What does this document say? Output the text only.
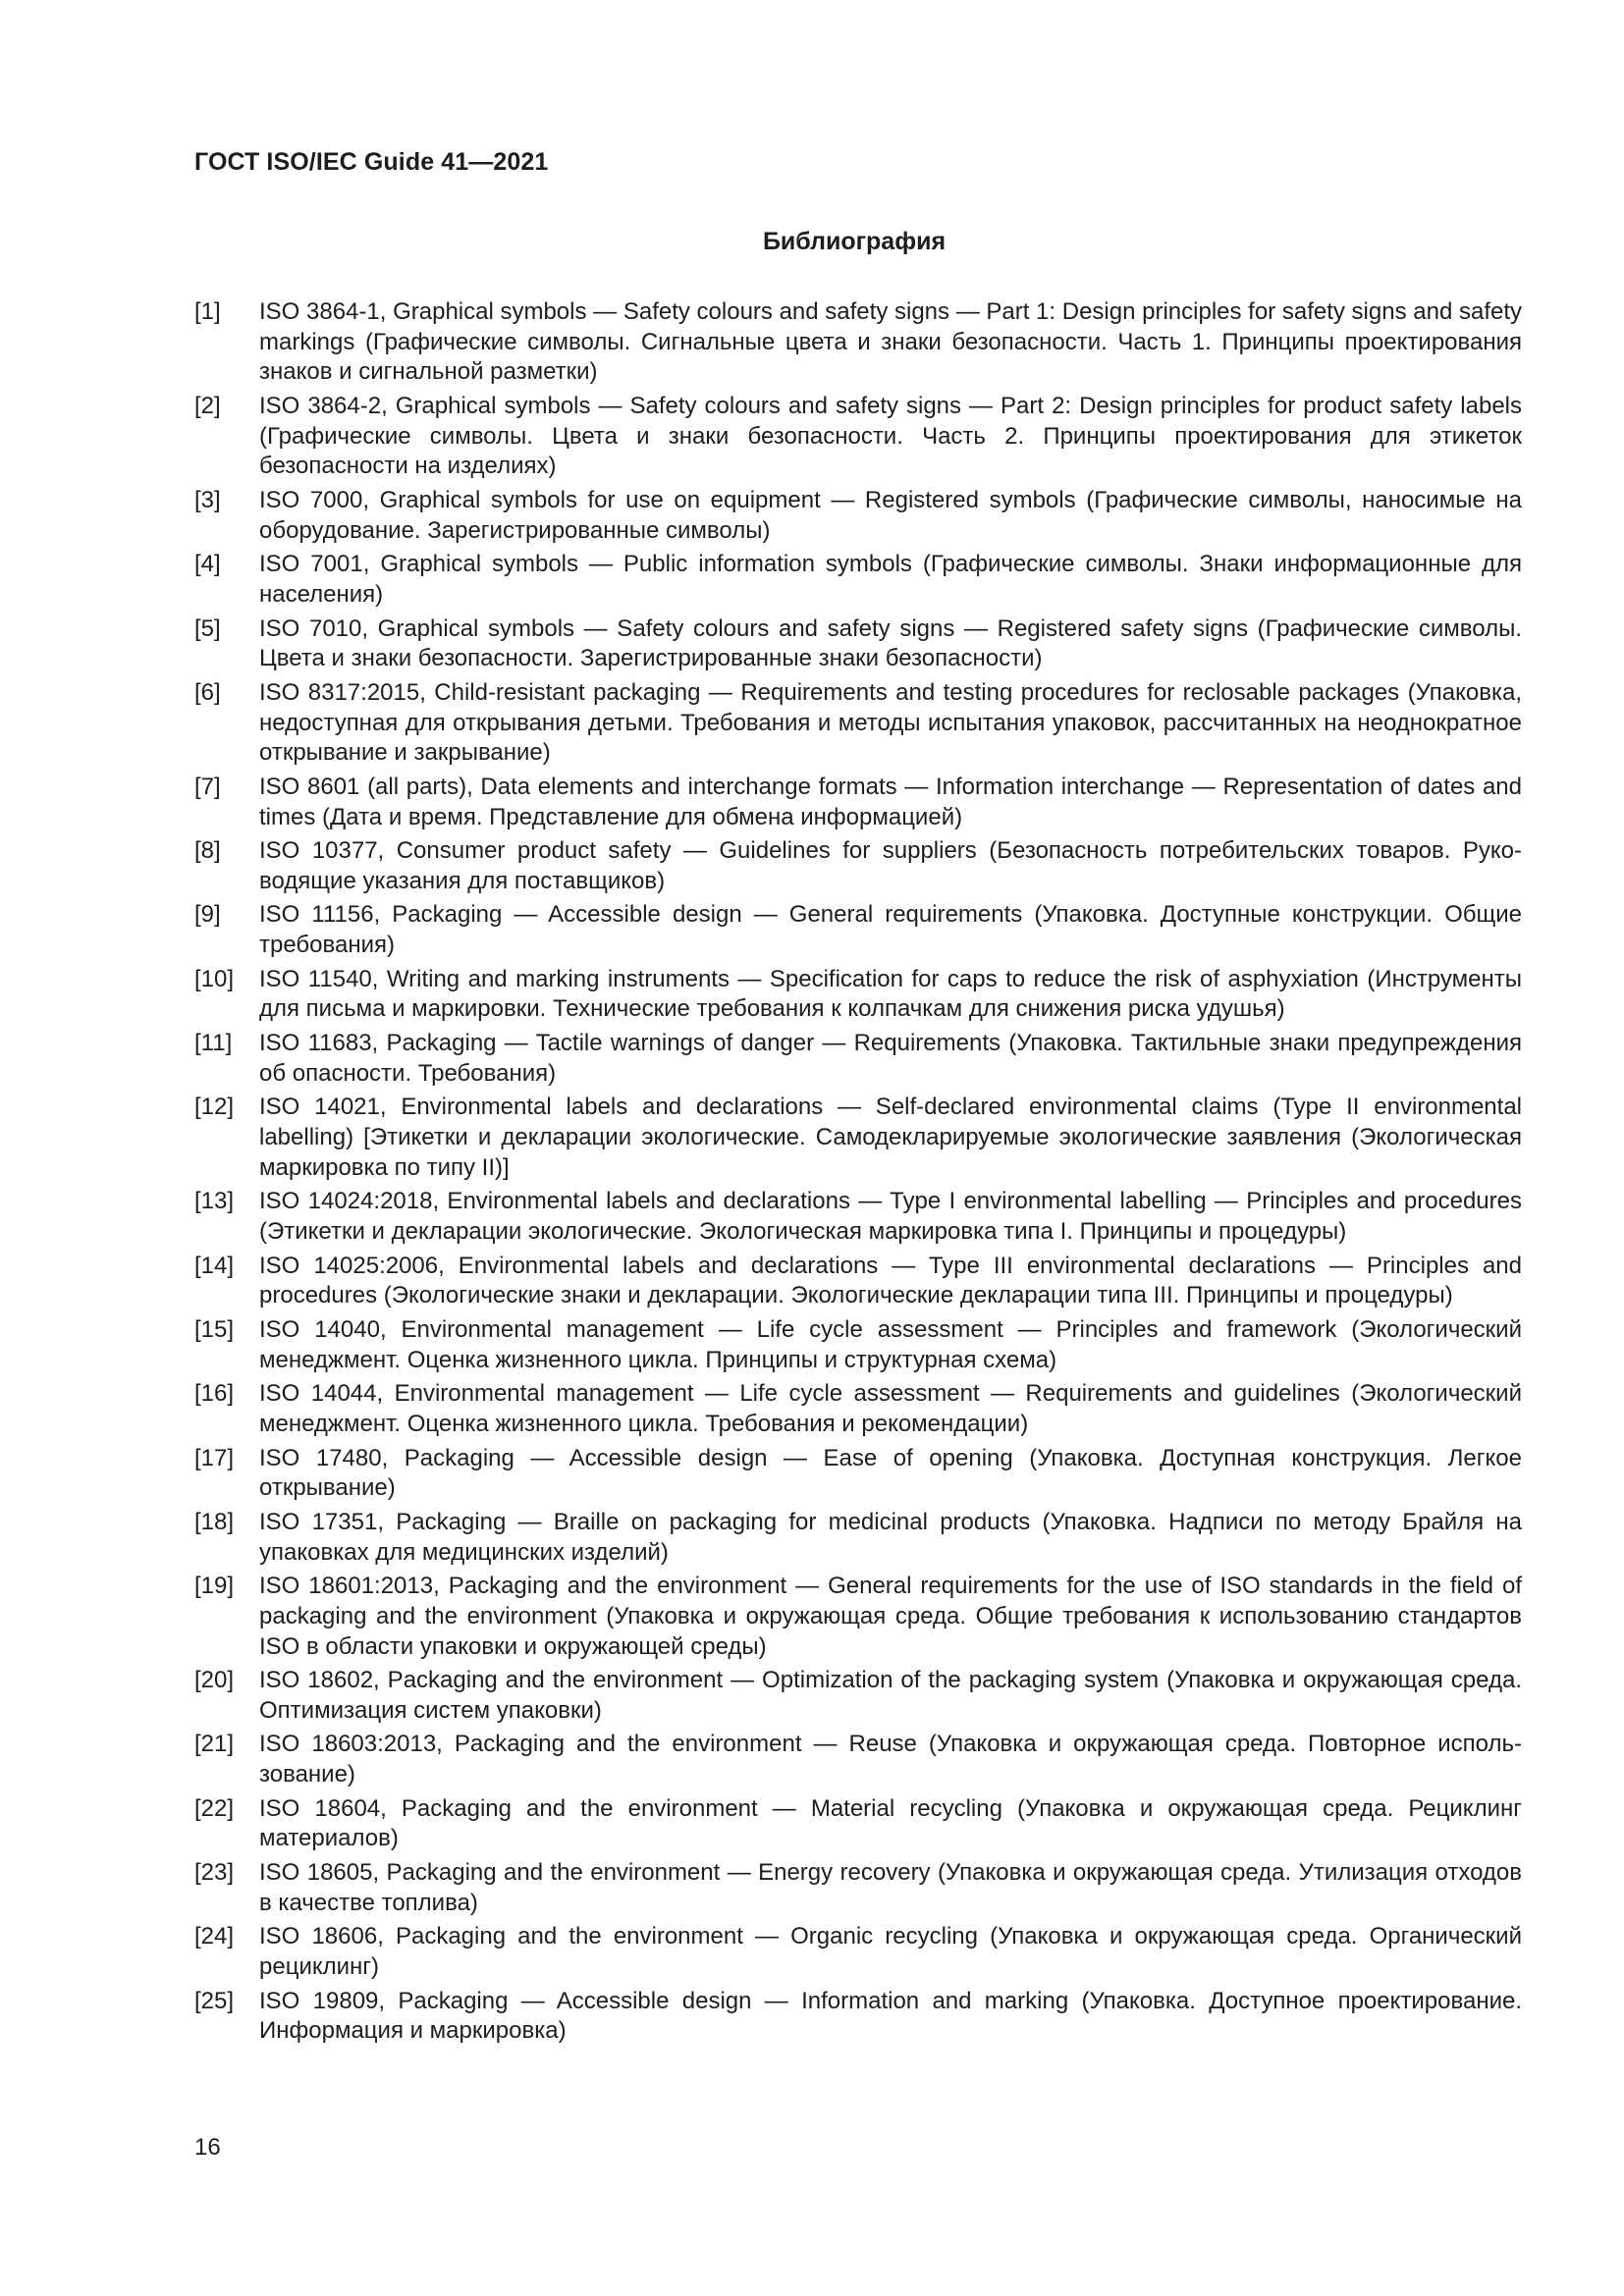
ГОСТ ISO/IEC Guide 41—2021
Библиография
[1]	ISO 3864-1, Graphical symbols — Safety colours and safety signs — Part 1: Design principles for safety signs and safety markings (Графические символы. Сигнальные цвета и знаки безопасности. Часть 1. Принципы проектирования знаков и сигнальной разметки)
[2]	ISO 3864-2, Graphical symbols — Safety colours and safety signs — Part 2: Design principles for product safety labels (Графические символы. Цвета и знаки безопасности. Часть 2. Принципы проектирования для этикеток безопасности на изделиях)
[3]	ISO 7000, Graphical symbols for use on equipment — Registered symbols (Графические символы, наносимые на оборудование. Зарегистрированные символы)
[4]	ISO 7001, Graphical symbols — Public information symbols (Графические символы. Знаки информационные для населения)
[5]	ISO 7010, Graphical symbols — Safety colours and safety signs — Registered safety signs (Графические символы. Цвета и знаки безопасности. Зарегистрированные знаки безопасности)
[6]	ISO 8317:2015, Child-resistant packaging — Requirements and testing procedures for reclosable packages (Упаковка, недоступная для открывания детьми. Требования и методы испытания упаковок, рассчитанных на неоднократное открывание и закрывание)
[7]	ISO 8601 (all parts), Data elements and interchange formats — Information interchange — Representation of dates and times (Дата и время. Представление для обмена информацией)
[8]	ISO 10377, Consumer product safety — Guidelines for suppliers (Безопасность потребительских товаров. Руководящие указания для поставщиков)
[9]	ISO 11156, Packaging — Accessible design — General requirements (Упаковка. Доступные конструкции. Общие требования)
[10]	ISO 11540, Writing and marking instruments — Specification for caps to reduce the risk of asphyxiation (Инструменты для письма и маркировки. Технические требования к колпачкам для снижения риска удушья)
[11]	ISO 11683, Packaging — Tactile warnings of danger — Requirements (Упаковка. Тактильные знаки предупреждения об опасности. Требования)
[12]	ISO 14021, Environmental labels and declarations — Self-declared environmental claims (Type II environmental labelling) [Этикетки и декларации экологические. Самодекларируемые экологические заявления (Экологическая маркировка по типу II)]
[13]	ISO 14024:2018, Environmental labels and declarations — Type I environmental labelling — Principles and procedures (Этикетки и декларации экологические. Экологическая маркировка типа I. Принципы и процедуры)
[14]	ISO 14025:2006, Environmental labels and declarations — Type III environmental declarations — Principles and procedures (Экологические знаки и декларации. Экологические декларации типа III. Принципы и процедуры)
[15]	ISO 14040, Environmental management — Life cycle assessment — Principles and framework (Экологический менеджмент. Оценка жизненного цикла. Принципы и структурная схема)
[16]	ISO 14044, Environmental management — Life cycle assessment — Requirements and guidelines (Экологический менеджмент. Оценка жизненного цикла. Требования и рекомендации)
[17]	ISO 17480, Packaging — Accessible design — Ease of opening (Упаковка. Доступная конструкция. Легкое открывание)
[18]	ISO 17351, Packaging — Braille on packaging for medicinal products (Упаковка. Надписи по методу Брайля на упаковках для медицинских изделий)
[19]	ISO 18601:2013, Packaging and the environment — General requirements for the use of ISO standards in the field of packaging and the environment (Упаковка и окружающая среда. Общие требования к использованию стандартов ISO в области упаковки и окружающей среды)
[20]	ISO 18602, Packaging and the environment — Optimization of the packaging system (Упаковка и окружающая среда. Оптимизация систем упаковки)
[21]	ISO 18603:2013, Packaging and the environment — Reuse (Упаковка и окружающая среда. Повторное использование)
[22]	ISO 18604, Packaging and the environment — Material recycling (Упаковка и окружающая среда. Рециклинг материалов)
[23]	ISO 18605, Packaging and the environment — Energy recovery (Упаковка и окружающая среда. Утилизация отходов в качестве топлива)
[24]	ISO 18606, Packaging and the environment — Organic recycling (Упаковка и окружающая среда. Органический рециклинг)
[25]	ISO 19809, Packaging — Accessible design — Information and marking (Упаковка. Доступное проектирование. Информация и маркировка)
16
